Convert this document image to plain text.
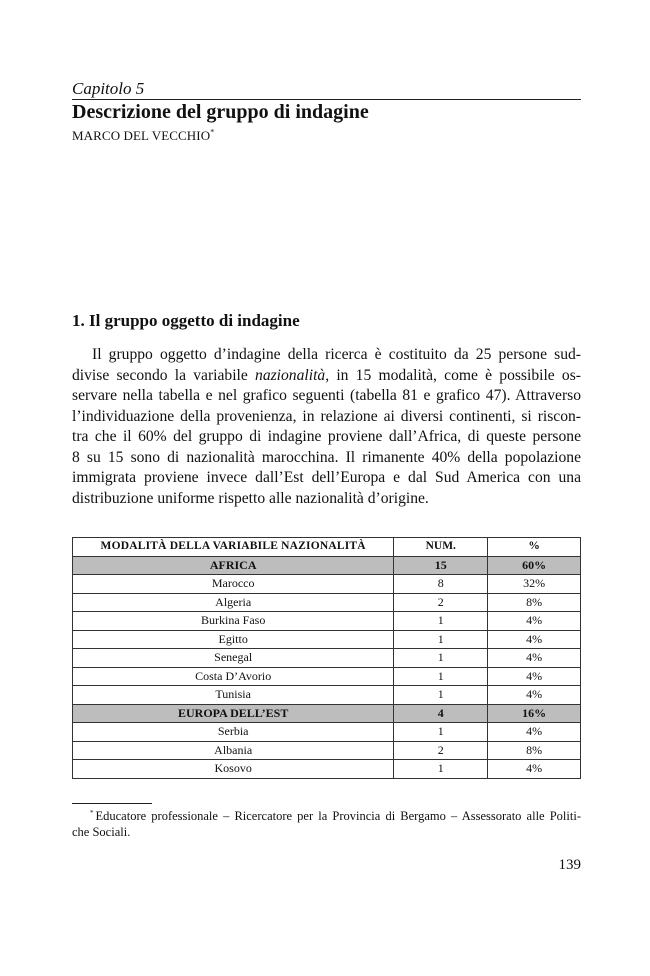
Capitolo 5
Descrizione del gruppo di indagine
MARCO DEL VECCHIO*
1. Il gruppo oggetto di indagine
Il gruppo oggetto d’indagine della ricerca è costituito da 25 persone sud-
divise secondo la variabile nazionalità, in 15 modalità, come è possibile os-
servare nella tabella e nel grafico seguenti (tabella 81 e grafico 47). Attraverso
l’individuazione della provenienza, in relazione ai diversi continenti, si riscon-
tra che il 60% del gruppo di indagine proviene dall’Africa, di queste persone
8 su 15 sono di nazionalità marocchina. Il rimanente 40% della popolazione
immigrata proviene invece dall’Est dell’Europa e dal Sud America con una
distribuzione uniforme rispetto alle nazionalità d’origine.
MODALITÀ DELLA VARIABILE NAZIONALITÀ	NUM.	%
AFRICA	15	60%
Marocco	8	32%
Algeria	2	8%
Burkina Faso	1	4%
Egitto	1	4%
Senegal	1	4%
Costa D’Avorio	1	4%
Tunisia	1	4%
EUROPA DELL’EST	4	16%
Serbia	1	4%
Albania	2	8%
Kosovo	1	4%
* Educatore professionale – Ricercatore per la Provincia di Bergamo – Assessorato alle Politi-
che Sociali.
139
